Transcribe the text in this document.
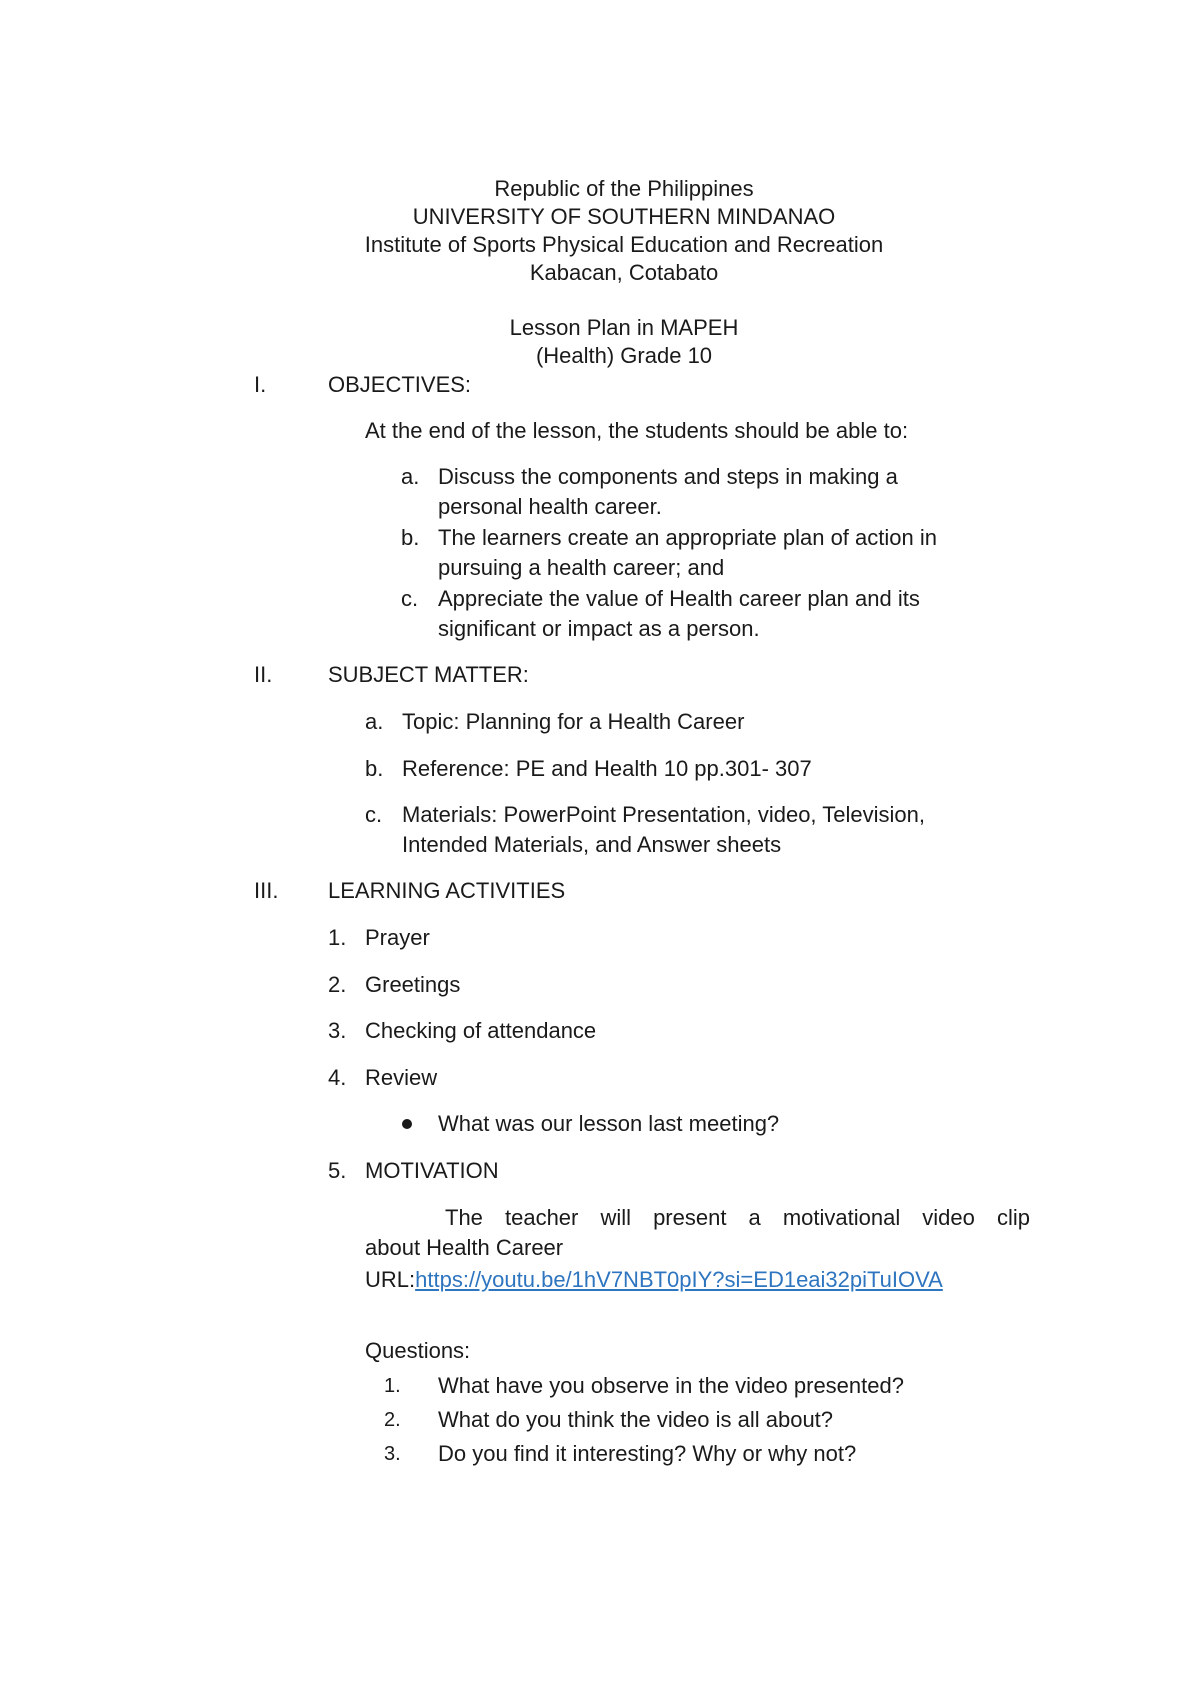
Republic of the Philippines
UNIVERSITY OF SOUTHERN MINDANAO
Institute of Sports Physical Education and Recreation
Kabacan, Cotabato
Lesson Plan in MAPEH
(Health) Grade 10
I.	OBJECTIVES:
At the end of the lesson, the students should be able to:
a. Discuss the components and steps in making a
personal health career.
b. The learners create an appropriate plan of action in
pursuing a health career; and
c. Appreciate the value of Health career plan and its
significant or impact as a person.
II.	SUBJECT MATTER:
a. Topic: Planning for a Health Career
b. Reference: PE and Health 10 pp.301- 307
c. Materials: PowerPoint Presentation, video, Television,
Intended Materials, and Answer sheets
III. LEARNING ACTIVITIES
1. Prayer
2. Greetings
3. Checking of attendance
4. Review
What was our lesson last meeting?
5. MOTIVATION
The teacher will present a motivational video clip
about Health Career
URL:https://youtu.be/1hV7NBT0pIY?si=ED1eai32piTuIOVA
Questions:
1. What have you observe in the video presented?
2. What do you think the video is all about?
3. Do you find it interesting? Why or why not?
